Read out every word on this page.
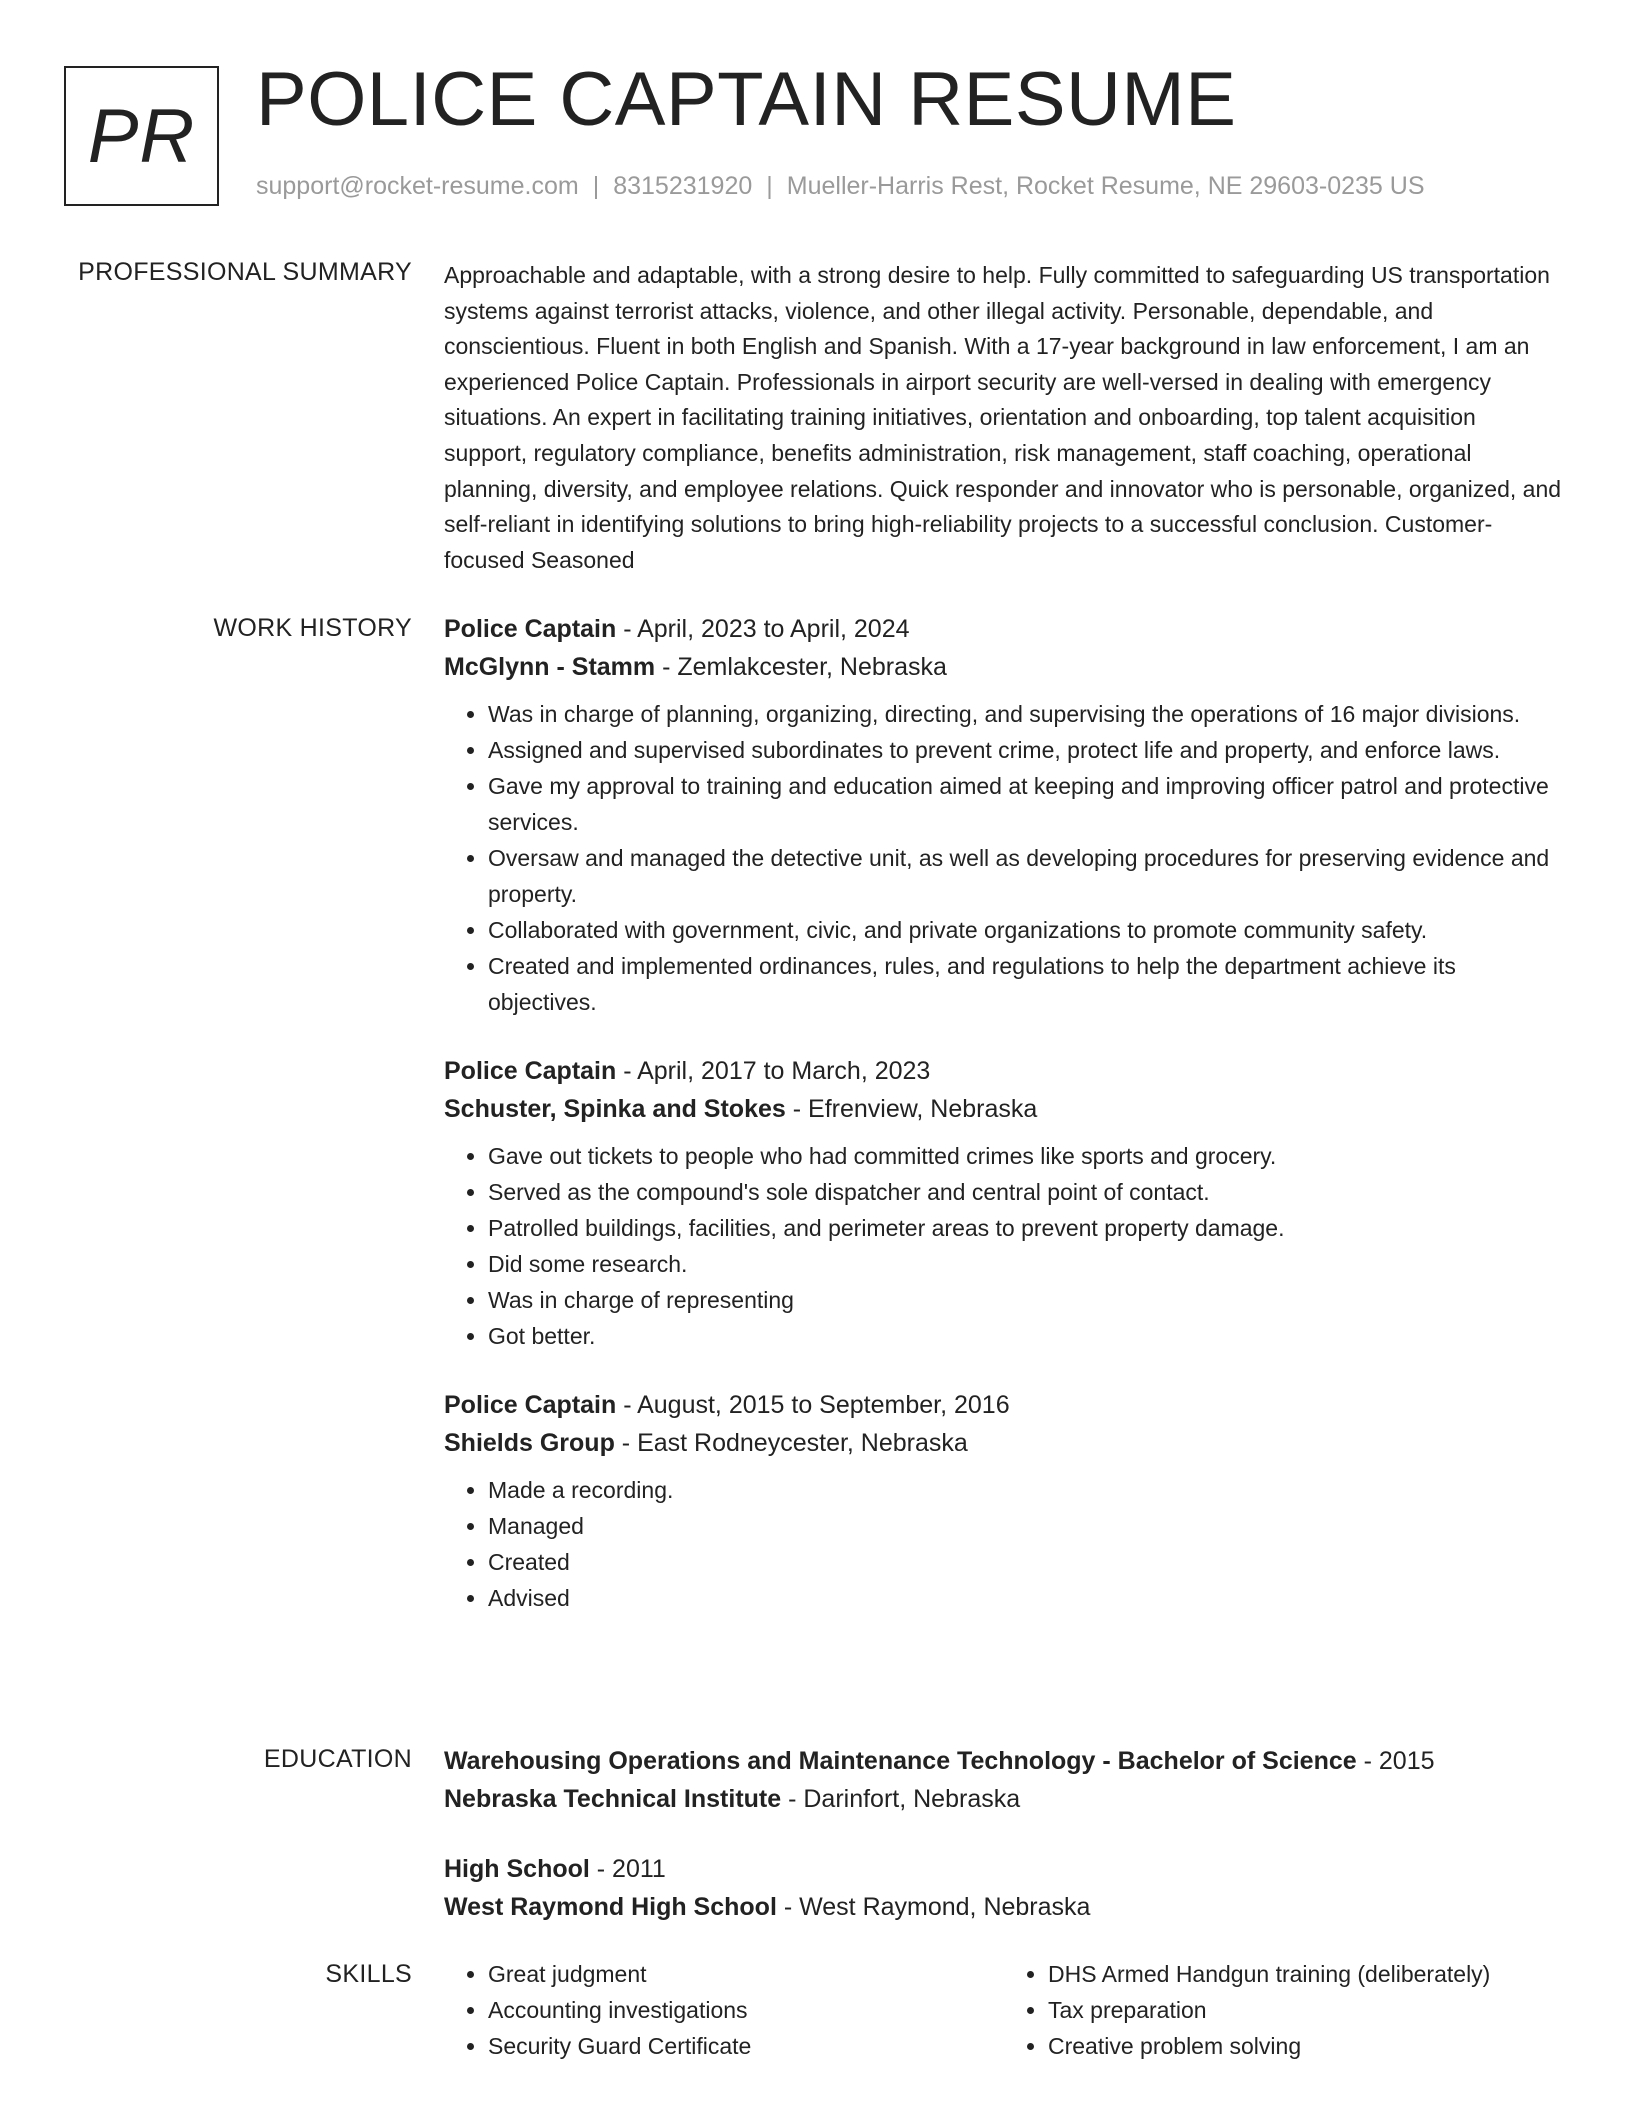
PR POLICE CAPTAIN RESUME
support@rocket-resume.com | 8315231920 | Mueller-Harris Rest, Rocket Resume, NE 29603-0235 US
PROFESSIONAL SUMMARY Approachable and adaptable, with a strong desire to help. Fully committed to safeguarding US transportation systems against terrorist attacks, violence, and other illegal activity. Personable, dependable, and conscientious. Fluent in both English and Spanish. With a 17-year background in law enforcement, I am an experienced Police Captain. Professionals in airport security are well-versed in dealing with emergency situations. An expert in facilitating training initiatives, orientation and onboarding, top talent acquisition support, regulatory compliance, benefits administration, risk management, staff coaching, operational planning, diversity, and employee relations. Quick responder and innovator who is personable, organized, and self-reliant in identifying solutions to bring high-reliability projects to a successful conclusion. Customer-focused Seasoned

WORK HISTORY Police Captain - April, 2023 to April, 2024

McGlynn - Stamm - Zemlakcester, Nebraska

• Was in charge of planning, organizing, directing, and supervising the operations of 16 major divisions.
• Assigned and supervised subordinates to prevent crime, protect life and property, and enforce laws.
• Gave my approval to training and education aimed at keeping and improving officer patrol and protective services.
• Oversaw and managed the detective unit, as well as developing procedures for preserving evidence and property.
• Collaborated with government, civic, and private organizations to promote community safety.
• Created and implemented ordinances, rules, and regulations to help the department achieve its objectives.

Police Captain - April, 2017 to March, 2023

Schuster, Spinka and Stokes - Efrenview, Nebraska

• Gave out tickets to people who had committed crimes like sports and grocery.
• Served as the compound's sole dispatcher and central point of contact.
• Patrolled buildings, facilities, and perimeter areas to prevent property damage.
• Did some research.
• Was in charge of representing
• Got better.

Police Captain - August, 2015 to September, 2016

Shields Group - East Rodneycester, Nebraska

• Made a recording.
• Managed
• Created
• Advised
EDUCATION Warehousing Operations and Maintenance Technology - Bachelor of Science - 2015

Nebraska Technical Institute - Darinfort, Nebraska

High School - 2011

West Raymond High School - West Raymond, Nebraska

SKILLS
•	Great judgment
• Accounting investigations
• Security Guard Certificate
• DHS Armed Handgun training (deliberately)
• Tax preparation
• Creative problem solving
